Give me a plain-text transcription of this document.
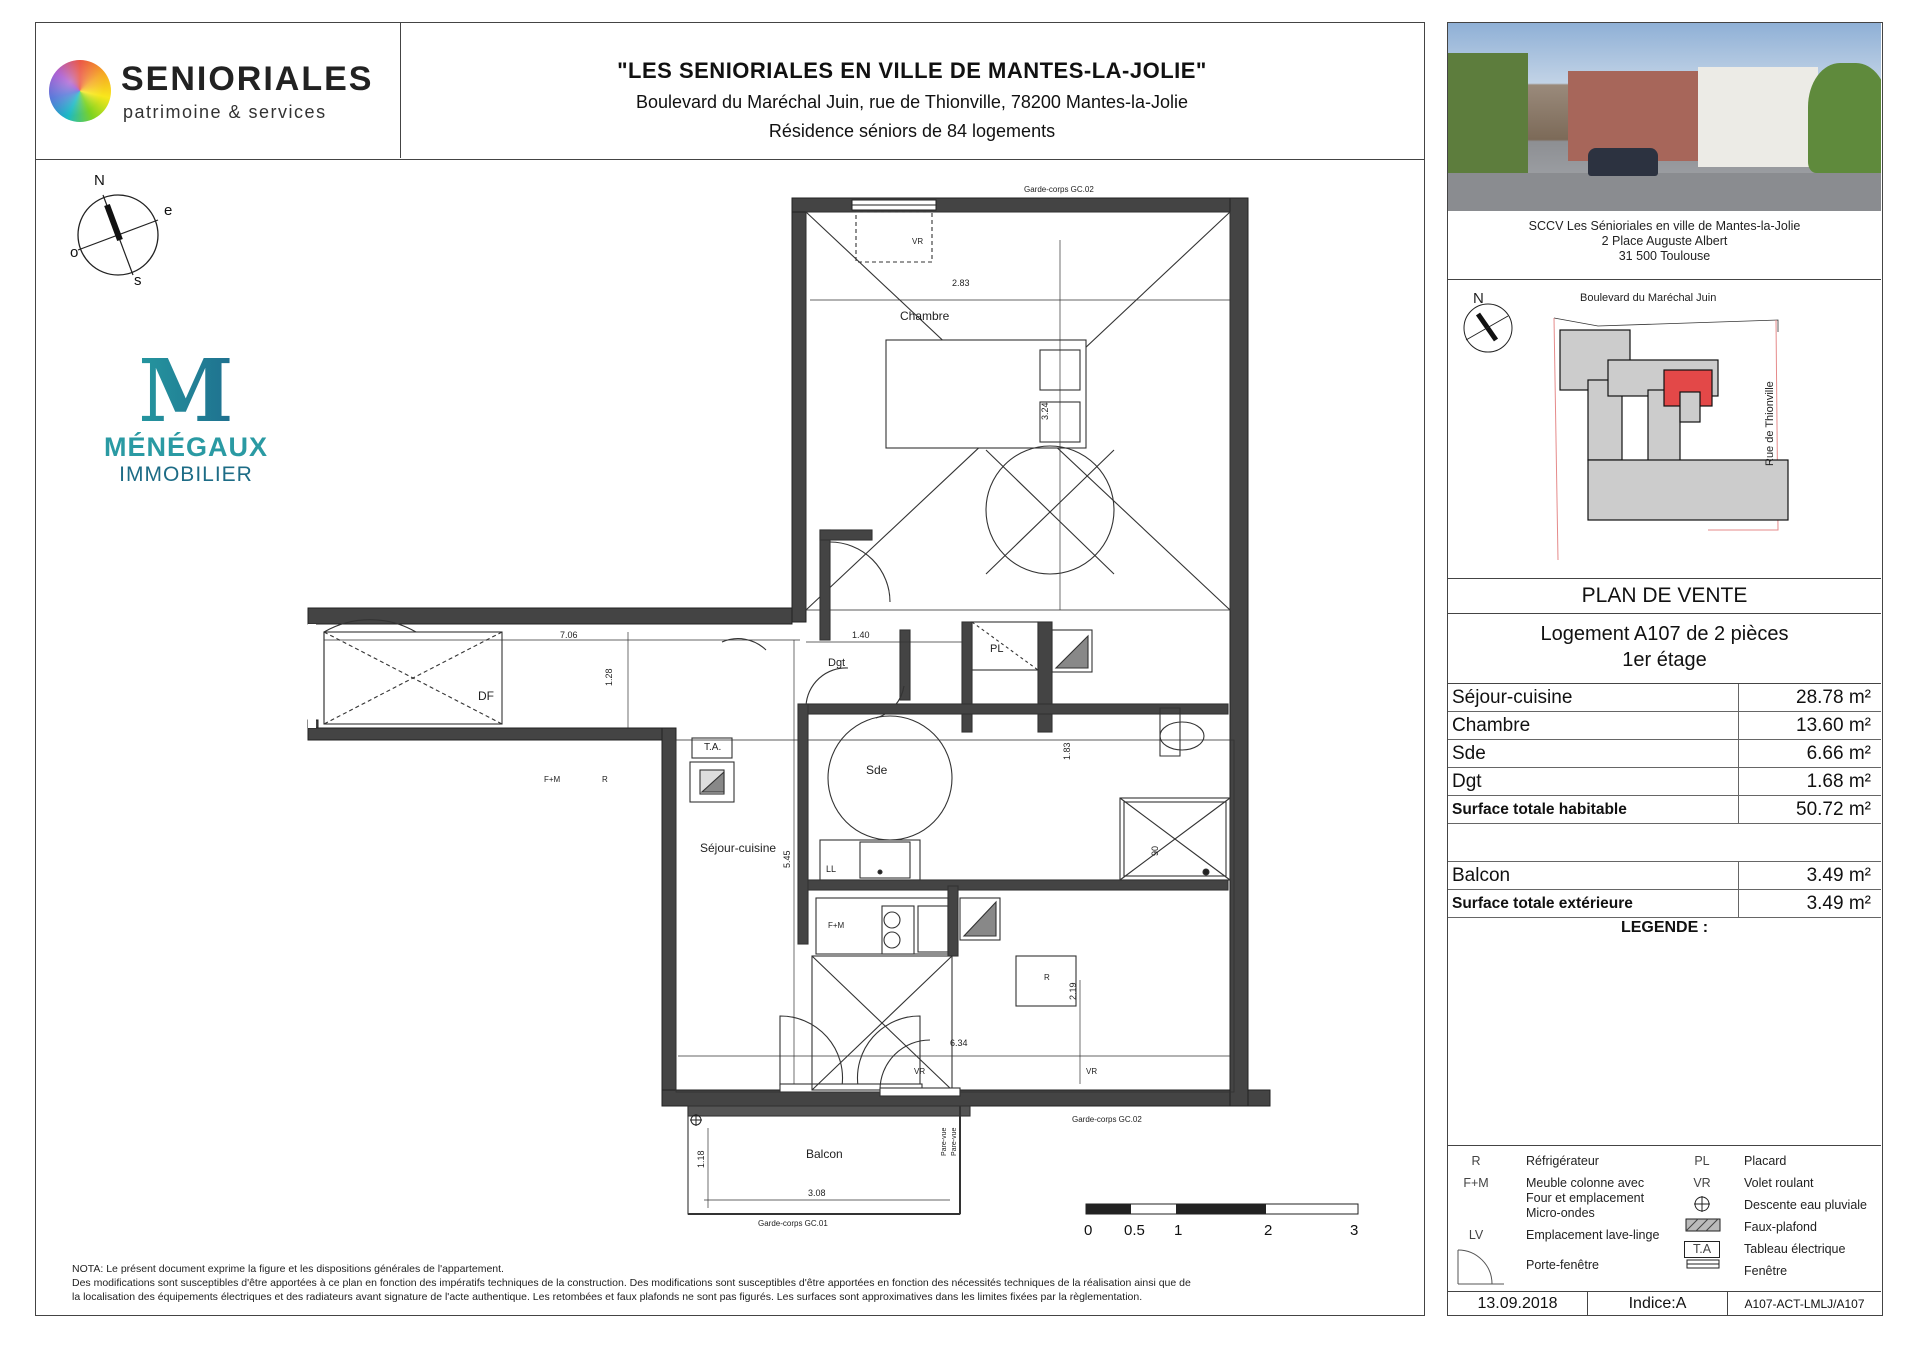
SENIORIALES
patrimoine & services
"LES SENIORIALES EN VILLE DE MANTES-LA-JOLIE"
Boulevard du Maréchal Juin, rue de Thionville, 78200 Mantes-la-Jolie
Résidence séniors de 84 logements
N
e
s
o
M
MÉNÉGAUX
IMMOBILIER
Chambre
Dgt
PL
Sde
Séjour-cuisine
Balcon
DF
T.A.
LL
F+M
F+M
R
R
VR
VR	VR
2.83
3.24
7.06	1.40
1.28
5.45
1.83
90
2.19
6.34
1.18
3.08
Garde-corps GC.02
Garde-corps GC.02
Garde-corps GC.01
Pare-vue Pare-vue
0 0.5 1	2	3
NOTA: Le présent document exprime la figure et les dispositions générales de l'appartement.
Des modifications sont susceptibles d'être apportées à ce plan en fonction des impératifs techniques de la construction. Des modifications sont susceptibles d'être apportées en fonction des nécessités techniques de la réalisation ainsi que de
la localisation des équipements électriques et des radiateurs avant signature de l'acte authentique. Les retombées et faux plafonds ne sont pas figurés. Les surfaces sont approximatives dans les limites fixées par la règlementation.
SCCV Les Sénioriales en ville de Mantes-la-Jolie
2 Place Auguste Albert
31 500 Toulouse
N	Boulevard du Maréchal Juin
Rue de Thionville
PLAN DE VENTE
Logement A107 de 2 pièces
1er étage
Séjour-cuisine	28.78 m²
Chambre	13.60 m²
Sde	6.66 m²
Dgt	1.68 m²
Surface totale habitable	50.72 m²
Balcon	3.49 m²
Surface totale extérieure	3.49 m²
LEGENDE :
R	Réfrigérateur
F+M	Meuble colonne avec
Four et emplacement
Micro-ondes
LV	Emplacement lave-linge
Porte-fenêtre
PL	Placard
VR	Volet roulant
Descente eau pluviale
Faux-plafond
T.A	Tableau électrique
Fenêtre
13.09.2018	Indice:A	A107-ACT-LMLJ/A107
